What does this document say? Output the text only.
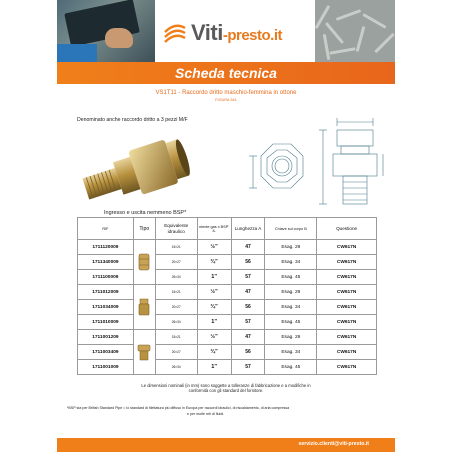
Viti-presto.it
Scheda tecnica
VS1T11 - Raccordo dritto maschio-femmina in ottone
FIGURA 341
Denominato anche raccordo dritto a 3 pezzi M/F
Ingresso e uscita nemmeno BSP*
RIF	Tipo	Equivalente idraulico	niente gas x BSP' IL	Lunghezza A	Chiave sul corpo B	Questione
1711120009		15×21	½"	47	Esag. 29	CW617N
1711340009		20×27	¾"	56	Esag. 34	CW617N
1711100009		26×34	1"	57	Esag. 45	CW617N
1711012009		15×21	½"	47	Esag. 29	CW617N
1711034009		20×27	¾"	56	Esag. 34	CW617N
1711010009		26×34	1"	57	Esag. 45	CW617N
1711001209		15×21	½"	47	Esag. 29	CW617N
1711003409		20×27	¾"	56	Esag. 34	CW617N
1711001009		26×34	1"	57	Esag. 45	CW617N
Le dimensioni nominali (in mm) sono soggette a tolleranze di fabbricazione e a modifiche in
conformità con gli standard del fornitore.
*BSP sta per British Standard Pipe = lo standard di filettatura più diffuso in Europa per raccordi idraulici, di riscaldamento, di aria compressa
e per molte reti di fluidi.
servizio.clienti@viti-presto.it
